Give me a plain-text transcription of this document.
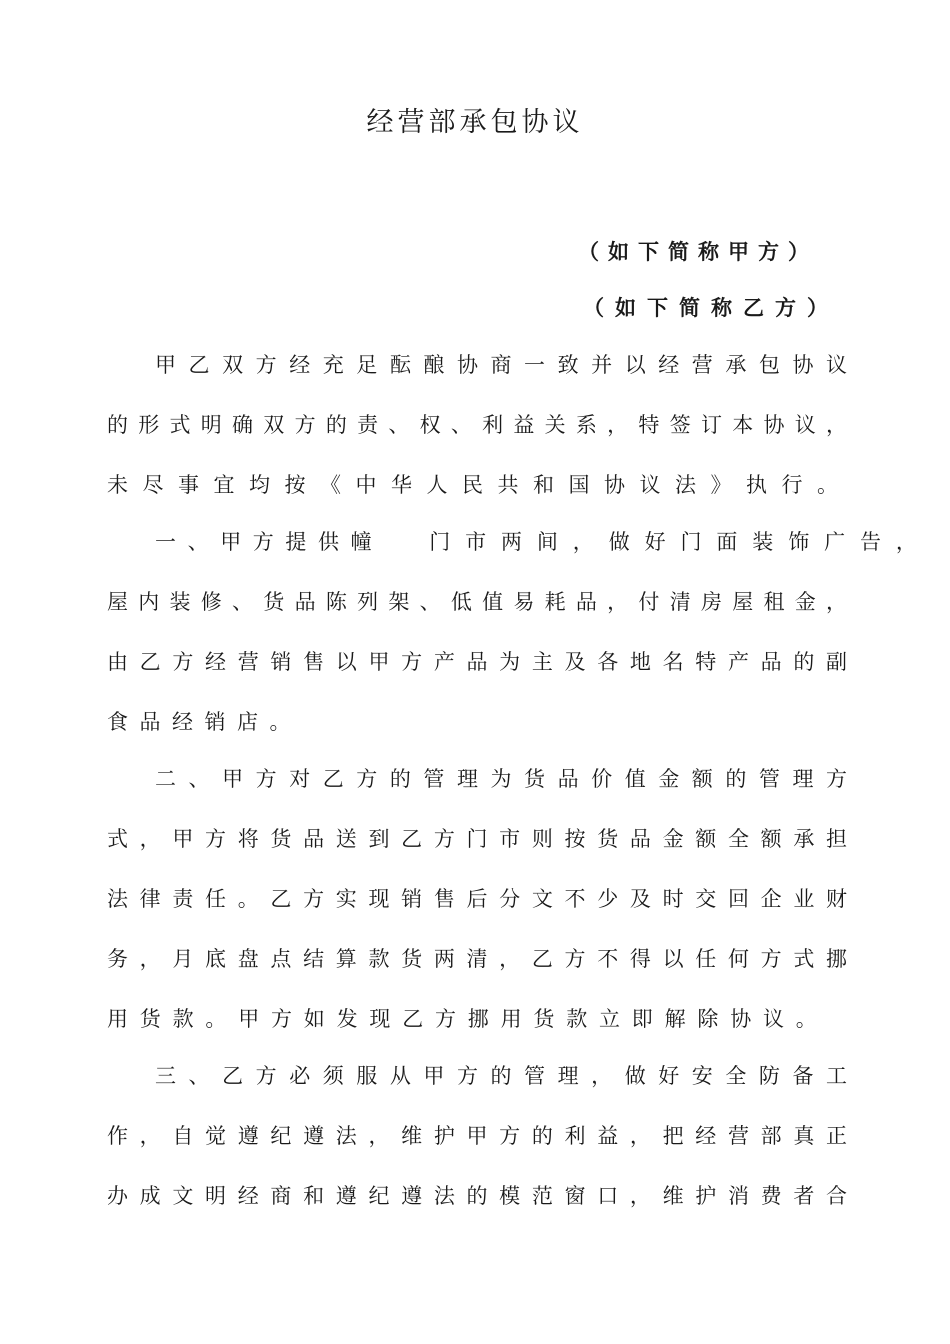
经营部承包协议
（如下简称甲方）
（如下简称乙方）
甲乙双方经充足酝酿协商一致并以经营承包协议
的形式明确双方的责、权、利益关系，特签订本协议，
未尽事宜均按《中华人民共和国协议法》执行。
一、甲方提供幢 门市两间，做好门面装饰广告，
屋内装修、货品陈列架、低值易耗品，付清房屋租金，
由乙方经营销售以甲方产品为主及各地名特产品的副
食品经销店。
二、甲方对乙方的管理为货品价值金额的管理方
式，甲方将货品送到乙方门市则按货品金额全额承担
法律责任。乙方实现销售后分文不少及时交回企业财
务，月底盘点结算款货两清，乙方不得以任何方式挪
用货款。甲方如发现乙方挪用货款立即解除协议。
三、乙方必须服从甲方的管理，做好安全防备工
作，自觉遵纪遵法，维护甲方的利益，把经营部真正
办成文明经商和遵纪遵法的模范窗口，维护消费者合
